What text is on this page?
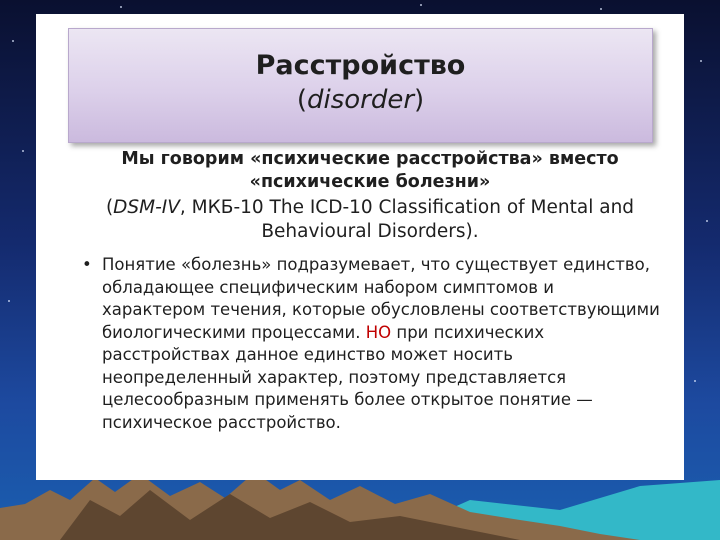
Расстройство
(disorder)
Мы говорим «психические расстройства» вместо
«психические болезни»
(DSM-IV, МКБ-10 The ICD-10 Classification of Mental and
Behavioural Disorders).
• Понятие «болезнь» подразумевает, что существует единство, обладающее специфическим набором симптомов и характером течения, которые обусловлены соответствующими биологическими процессами. НО при психических расстройствах данное единство может носить неопределенный характер, поэтому представляется целесообразным применять более открытое понятие — психическое расстройство.
